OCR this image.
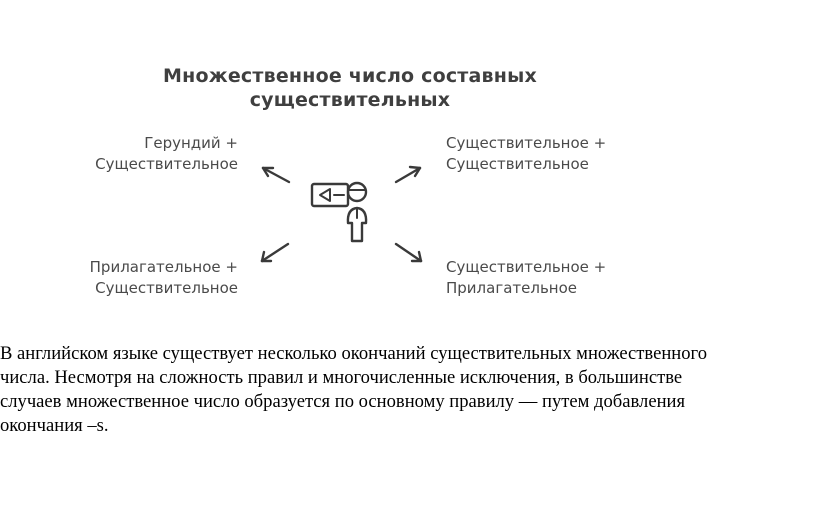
Множественное число составных
существительных
Герундий +
Существительное
Существительное +
Существительное
Прилагательное +
Существительное
Существительное +
Прилагательное
В английском языке существует несколько окончаний существительных множественного
числа. Несмотря на сложность правил и многочисленные исключения, в большинстве
случаев множественное число образуется по основному правилу — путем добавления
окончания –s.
